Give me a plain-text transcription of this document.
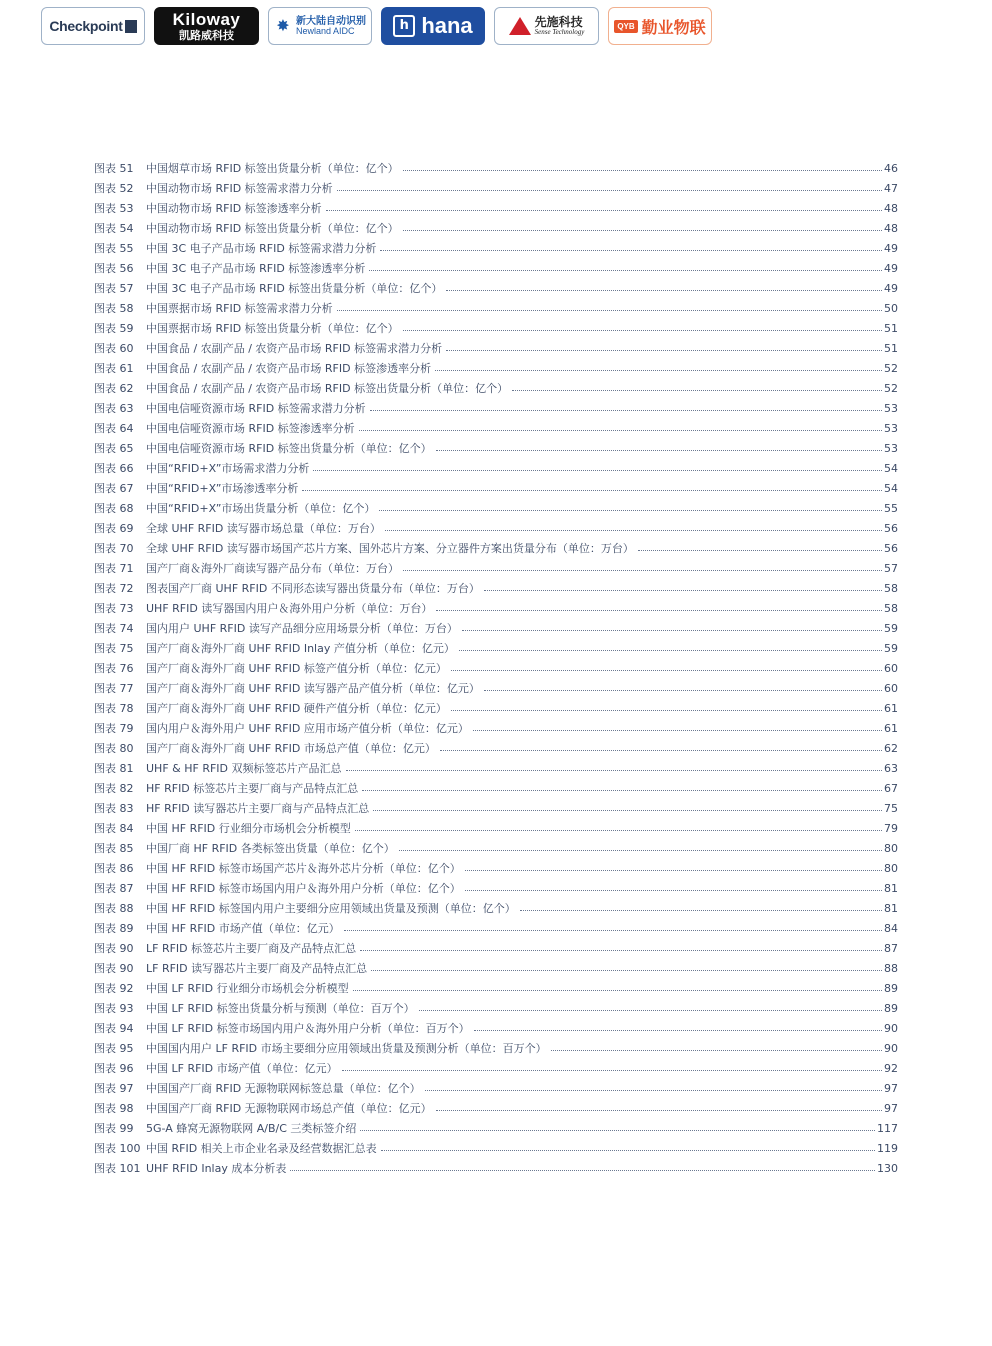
Checkpoint	Kiloway
凯路威科技
✸ 新大陆自动识别
Newland AIDC	h hana	先施科技
Sense Technology
QYB 勤业物联
图表 51	中国烟草市场 RFID 标签出货量分析（单位：亿个）	46
图表 52	中国动物市场 RFID 标签需求潜力分析	47
图表 53	中国动物市场 RFID 标签渗透率分析	48
图表 54	中国动物市场 RFID 标签出货量分析（单位：亿个）	48
图表 55	中国 3C 电子产品市场 RFID 标签需求潜力分析	49
图表 56	中国 3C 电子产品市场 RFID 标签渗透率分析	49
图表 57	中国 3C 电子产品市场 RFID 标签出货量分析（单位：亿个）	49
图表 58	中国票据市场 RFID 标签需求潜力分析	50
图表 59	中国票据市场 RFID 标签出货量分析（单位：亿个）	51
图表 60	中国食品 / 农副产品 / 农资产品市场 RFID 标签需求潜力分析	51
图表 61	中国食品 / 农副产品 / 农资产品市场 RFID 标签渗透率分析	52
图表 62	中国食品 / 农副产品 / 农资产品市场 RFID 标签出货量分析（单位：亿个）	52
图表 63	中国电信哑资源市场 RFID 标签需求潜力分析	53
图表 64	中国电信哑资源市场 RFID 标签渗透率分析	53
图表 65	中国电信哑资源市场 RFID 标签出货量分析（单位：亿个）	53
图表 66	中国“RFID+X”市场需求潜力分析	54
图表 67	中国“RFID+X”市场渗透率分析	54
图表 68	中国“RFID+X”市场出货量分析（单位：亿个）	55
图表 69	全球 UHF RFID 读写器市场总量（单位：万台）	56
图表 70	全球 UHF RFID 读写器市场国产芯片方案、国外芯片方案、分立器件方案出货量分布（单位：万台）	56
图表 71	国产厂商＆海外厂商读写器产品分布（单位：万台）	57
图表 72	图表国产厂商 UHF RFID 不同形态读写器出货量分布（单位：万台）	58
图表 73	UHF RFID 读写器国内用户＆海外用户分析（单位：万台）	58
图表 74	国内用户 UHF RFID 读写产品细分应用场景分析（单位：万台）	59
图表 75	国产厂商＆海外厂商 UHF RFID Inlay 产值分析（单位：亿元）	59
图表 76	国产厂商＆海外厂商 UHF RFID 标签产值分析（单位：亿元）	60
图表 77	国产厂商＆海外厂商 UHF RFID 读写器产品产值分析（单位：亿元）	60
图表 78	国产厂商＆海外厂商 UHF RFID 硬件产值分析（单位：亿元）	61
图表 79	国内用户＆海外用户 UHF RFID 应用市场产值分析（单位：亿元）	61
图表 80	国产厂商＆海外厂商 UHF RFID 市场总产值（单位：亿元）	62
图表 81	UHF & HF RFID 双频标签芯片产品汇总	63
图表 82	HF RFID 标签芯片主要厂商与产品特点汇总	67
图表 83	HF RFID 读写器芯片主要厂商与产品特点汇总	75
图表 84	中国 HF RFID 行业细分市场机会分析模型	79
图表 85	中国厂商 HF RFID 各类标签出货量（单位：亿个）	80
图表 86	中国 HF RFID 标签市场国产芯片＆海外芯片分析（单位：亿个）	80
图表 87	中国 HF RFID 标签市场国内用户＆海外用户分析（单位：亿个）	81
图表 88	中国 HF RFID 标签国内用户主要细分应用领域出货量及预测（单位：亿个）	81
图表 89	中国 HF RFID 市场产值（单位：亿元）	84
图表 90	LF RFID 标签芯片主要厂商及产品特点汇总	87
图表 90	LF RFID 读写器芯片主要厂商及产品特点汇总	88
图表 92	中国 LF RFID 行业细分市场机会分析模型	89
图表 93	中国 LF RFID 标签出货量分析与预测（单位：百万个）	89
图表 94	中国 LF RFID 标签市场国内用户＆海外用户分析（单位：百万个）	90
图表 95	中国国内用户 LF RFID 市场主要细分应用领域出货量及预测分析（单位：百万个）	90
图表 96	中国 LF RFID 市场产值（单位：亿元）	92
图表 97	中国国产厂商 RFID 无源物联网标签总量（单位：亿个）	97
图表 98	中国国产厂商 RFID 无源物联网市场总产值（单位：亿元）	97
图表 99	5G-A 蜂窝无源物联网 A/B/C 三类标签介绍	117
图表 100 中国 RFID 相关上市企业名录及经营数据汇总表	119
图表 101 UHF RFID Inlay 成本分析表	130
